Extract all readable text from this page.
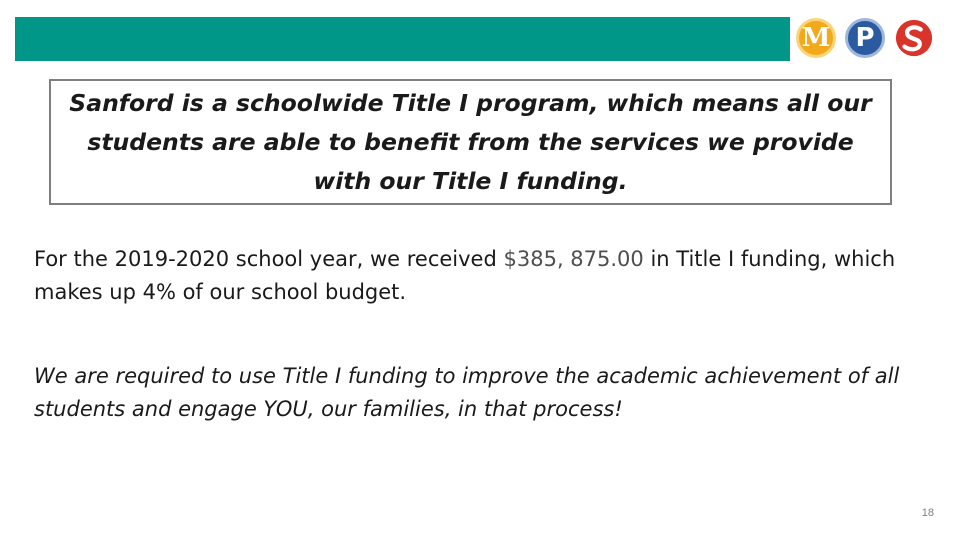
M P
Sanford is a schoolwide Title I program, which means all our students are able to benefit from the services we provide with our Title I funding.
For the 2019-2020 school year, we received $385, 875.00 in Title I funding, which makes up 4% of our school budget.
We are required to use Title I funding to improve the academic achievement of all students and engage YOU, our families, in that process!
18
